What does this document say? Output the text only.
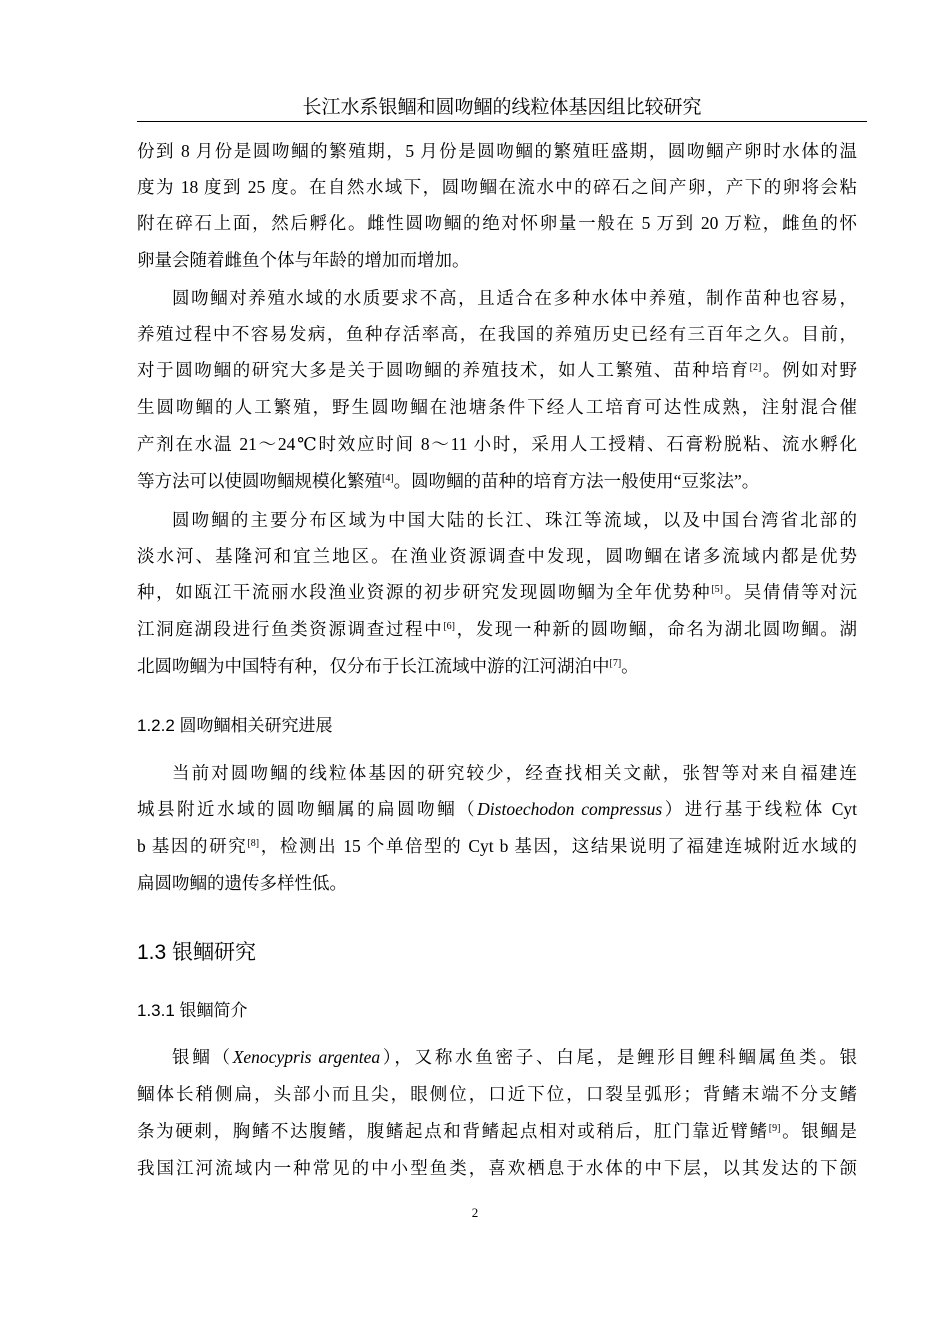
长江水系银鲴和圆吻鲴的线粒体基因组比较研究
份到 8 月份是圆吻鲴的繁殖期，5 月份是圆吻鲴的繁殖旺盛期，圆吻鲴产卵时水体的温
度为 18 度到 25 度。在自然水域下，圆吻鲴在流水中的碎石之间产卵，产下的卵将会粘
附在碎石上面，然后孵化。雌性圆吻鲴的绝对怀卵量一般在 5 万到 20 万粒，雌鱼的怀
卵量会随着雌鱼个体与年龄的增加而增加。
圆吻鲴对养殖水域的水质要求不高，且适合在多种水体中养殖，制作苗种也容易，
养殖过程中不容易发病，鱼种存活率高，在我国的养殖历史已经有三百年之久。目前，
对于圆吻鲴的研究大多是关于圆吻鲴的养殖技术，如人工繁殖、苗种培育[2]。例如对野
生圆吻鲴的人工繁殖，野生圆吻鲴在池塘条件下经人工培育可达性成熟，注射混合催
产剂在水温 21～24℃时效应时间 8～11 小时，采用人工授精、石膏粉脱粘、流水孵化
等方法可以使圆吻鲴规模化繁殖[4]。圆吻鲴的苗种的培育方法一般使用“豆浆法”。
圆吻鲴的主要分布区域为中国大陆的长江、珠江等流域，以及中国台湾省北部的
淡水河、基隆河和宜兰地区。在渔业资源调查中发现，圆吻鲴在诸多流域内都是优势
种，如瓯江干流丽水段渔业资源的初步研究发现圆吻鲴为全年优势种[5]。吴倩倩等对沅
江洞庭湖段进行鱼类资源调查过程中[6]，发现一种新的圆吻鲴，命名为湖北圆吻鲴。湖
北圆吻鲴为中国特有种，仅分布于长江流域中游的江河湖泊中[7]。
1.2.2 圆吻鲴相关研究进展
当前对圆吻鲴的线粒体基因的研究较少，经查找相关文献，张智等对来自福建连
城县附近水域的圆吻鲴属的扁圆吻鲴（Distoechodon compressus）进行基于线粒体 Cyt
b 基因的研究[8]，检测出 15 个单倍型的 Cyt b 基因，这结果说明了福建连城附近水域的
扁圆吻鲴的遗传多样性低。
1.3 银鲴研究
1.3.1 银鲴简介
银鲴（Xenocypris argentea），又称水鱼密子、白尾，是鲤形目鲤科鲴属鱼类。银
鲴体长稍侧扁，头部小而且尖，眼侧位，口近下位，口裂呈弧形；背鳍末端不分支鳍
条为硬刺，胸鳍不达腹鳍，腹鳍起点和背鳍起点相对或稍后，肛门靠近臂鳍[9]。银鲴是
我国江河流域内一种常见的中小型鱼类，喜欢栖息于水体的中下层，以其发达的下颌
2
